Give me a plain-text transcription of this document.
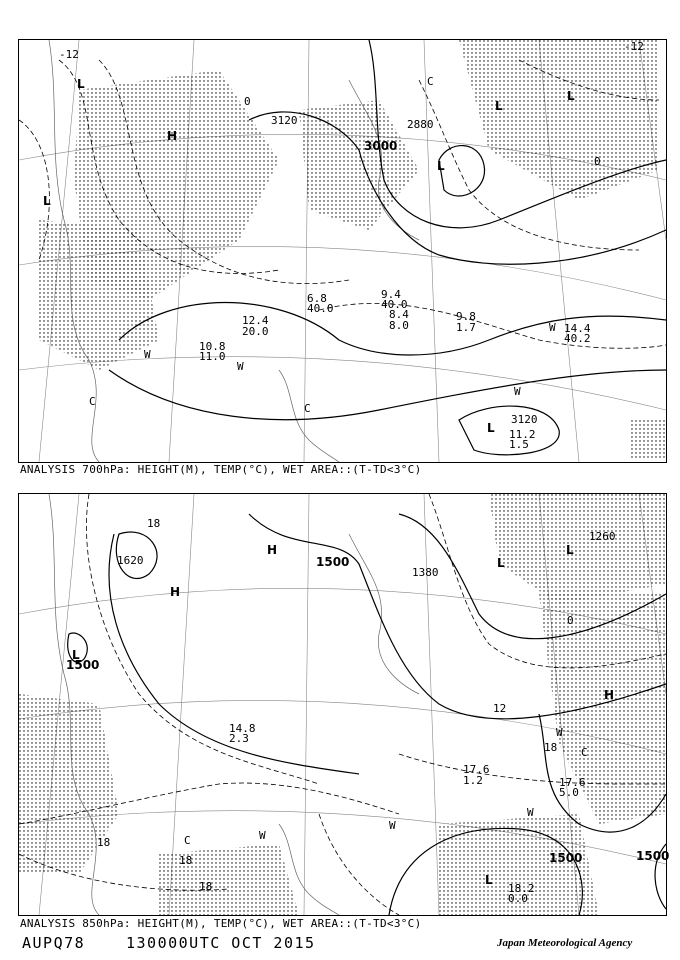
-12
-12
0
0
C
C
C
W
W
W
W
3120
3000
2880
3120
L
L
H
L
L
L
L
9.8
1.7
10.8
11.0
12.4
20.0
11.2
1.5
14.4
40.2
8.4
8.0
9.4
40.0
6.8
40.0
ANALYSIS 700hPa: HEIGHT(M), TEMP(°C), WET AREA::(T-TD<3°C)
1620	1500
1500
1380
1260
1500	1500
H
H
L
L
L
H
L
18
18
18
18
18
12
0
C
C	W
W
W
W
17.6
1.2	17.6
5.0
18.2
0.0
14.8
2.3
ANALYSIS 850hPa: HEIGHT(M), TEMP(°C), WET AREA::(T-TD<3°C)
AUPQ78	130000UTC OCT 2015	Japan Meteorological Agency
